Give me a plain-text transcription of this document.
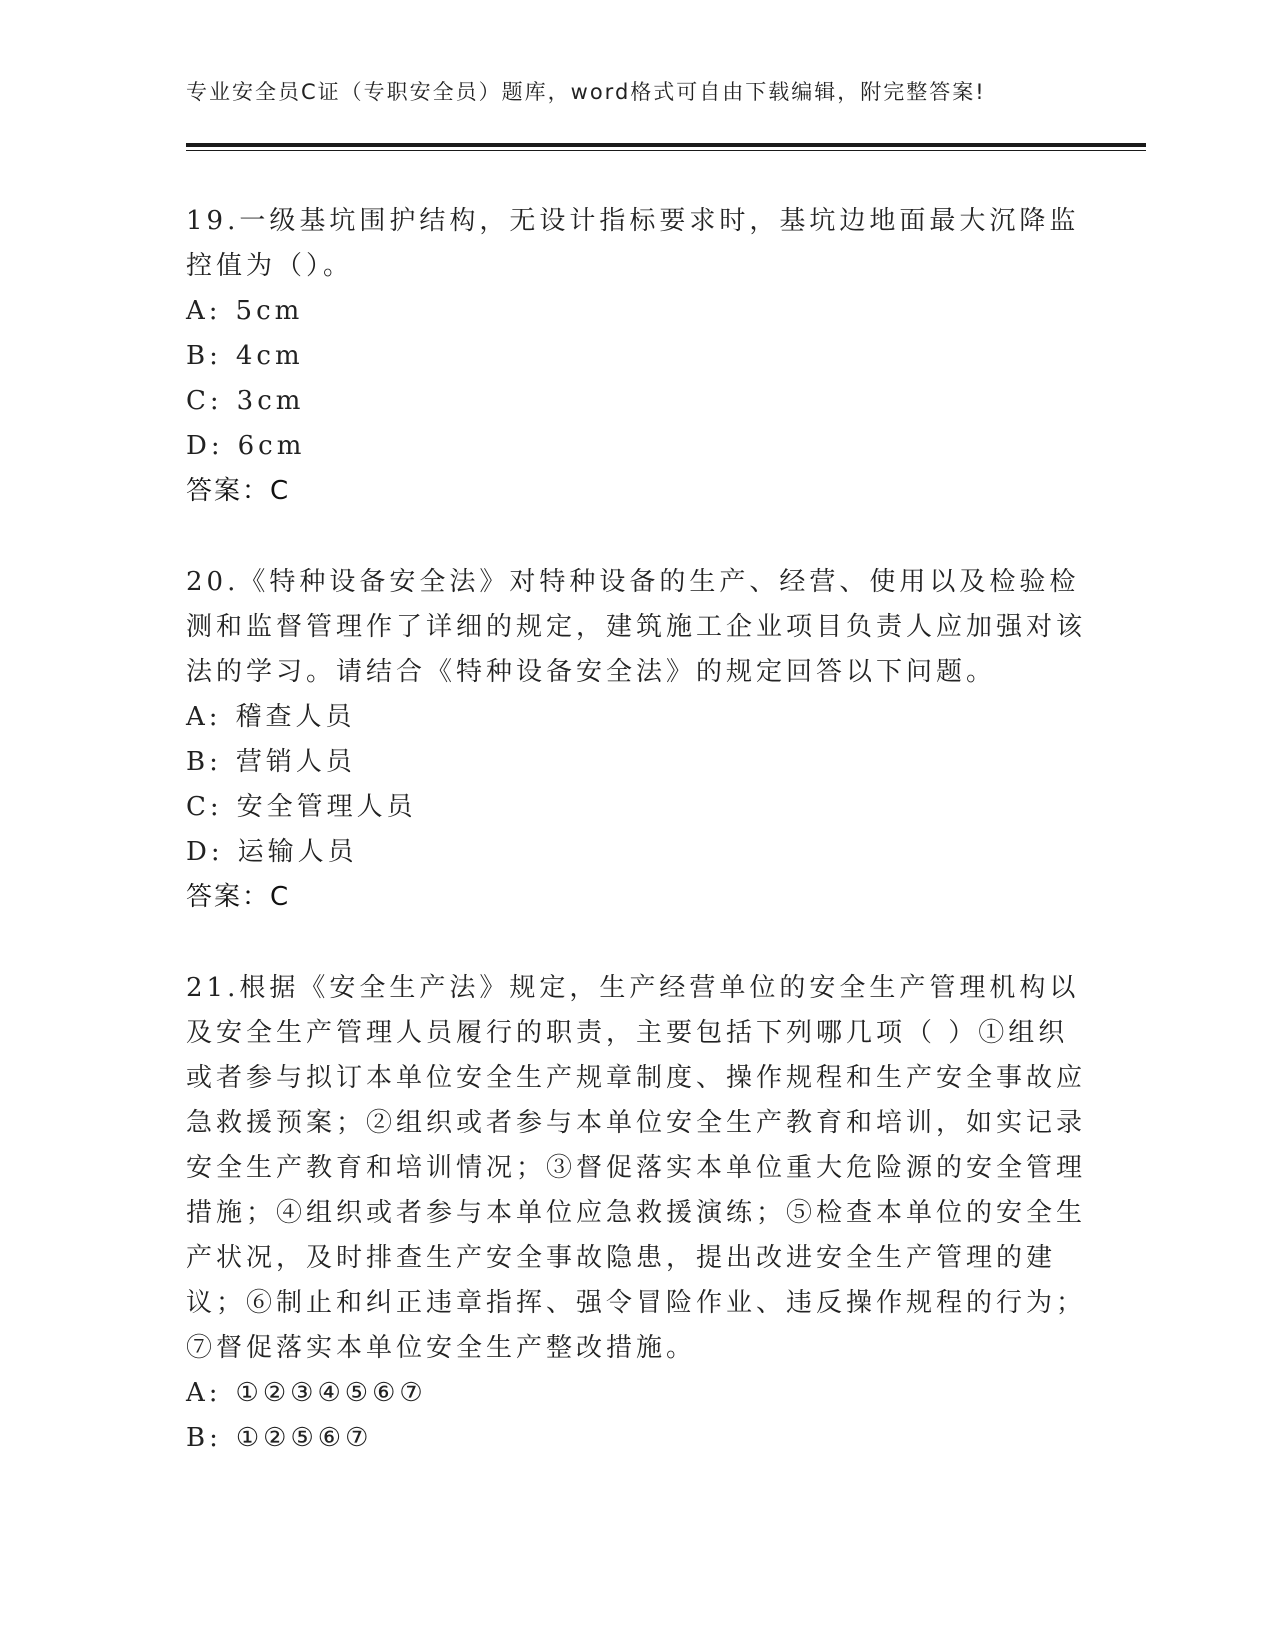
专业安全员C证（专职安全员）题库，word格式可自由下载编辑，附完整答案!
19.一级基坑围护结构，无设计指标要求时，基坑边地面最大沉降监控值为（）。
A: 5cm
B: 4cm
C: 3cm
D: 6cm
答案：C
20.《特种设备安全法》对特种设备的生产、经营、使用以及检验检测和监督管理作了详细的规定，建筑施工企业项目负责人应加强对该法的学习。请结合《特种设备安全法》的规定回答以下问题。
A: 稽查人员
B: 营销人员
C: 安全管理人员
D: 运输人员
答案：C
21.根据《安全生产法》规定，生产经营单位的安全生产管理机构以及安全生产管理人员履行的职责，主要包括下列哪几项（ ）①组织或者参与拟订本单位安全生产规章制度、操作规程和生产安全事故应急救援预案；②组织或者参与本单位安全生产教育和培训，如实记录安全生产教育和培训情况；③督促落实本单位重大危险源的安全管理措施；④组织或者参与本单位应急救援演练；⑤检查本单位的安全生产状况，及时排查生产安全事故隐患，提出改进安全生产管理的建议；⑥制止和纠正违章指挥、强令冒险作业、违反操作规程的行为；⑦督促落实本单位安全生产整改措施。
A: ①②③④⑤⑥⑦
B: ①②⑤⑥⑦
